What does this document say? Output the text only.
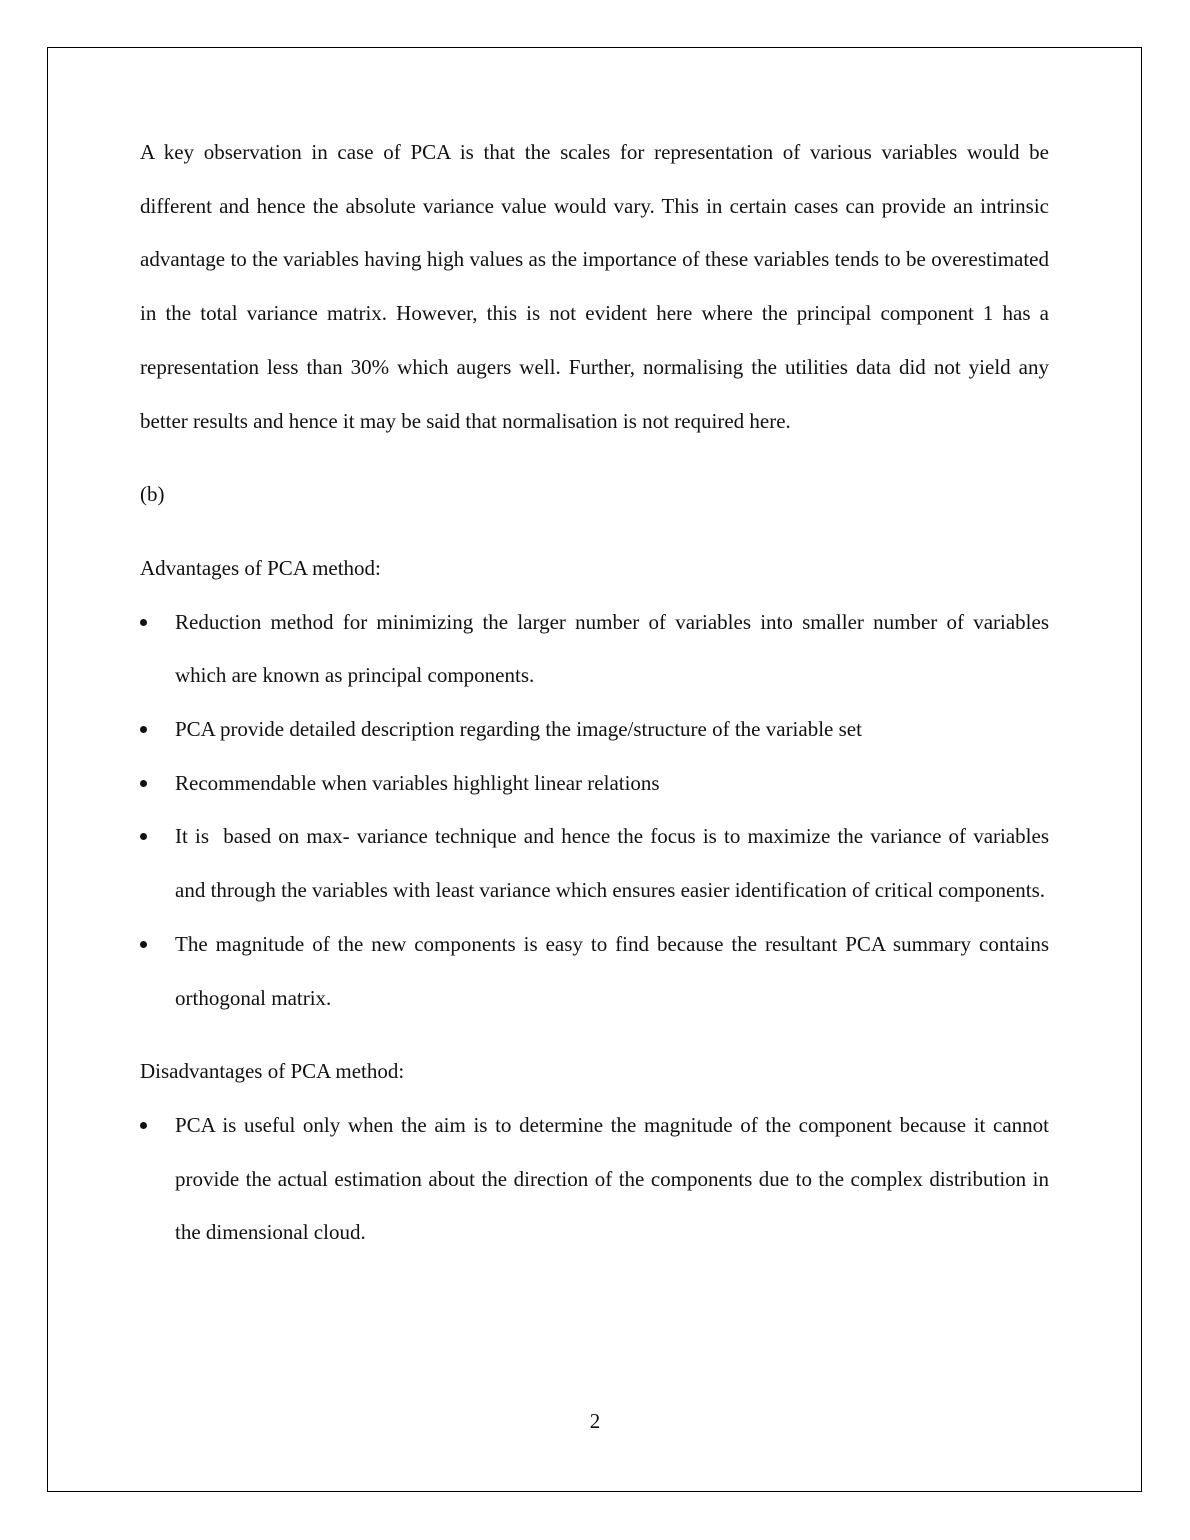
A key observation in case of PCA is that the scales for representation of various variables would be different and hence the absolute variance value would vary. This in certain cases can provide an intrinsic advantage to the variables having high values as the importance of these variables tends to be overestimated in the total variance matrix. However, this is not evident here where the principal component 1 has a representation less than 30% which augers well. Further, normalising the utilities data did not yield any better results and hence it may be said that normalisation is not required here.

(b)

Advantages of PCA method:

Reduction method for minimizing the larger number of variables into smaller number of variables which are known as principal components.
PCA provide detailed description regarding the image/structure of the variable set
Recommendable when variables highlight linear relations
It is  based on max- variance technique and hence the focus is to maximize the variance of variables and through the variables with least variance which ensures easier identification of critical components.
The magnitude of the new components is easy to find because the resultant PCA summary contains orthogonal matrix.

Disadvantages of PCA method:

PCA is useful only when the aim is to determine the magnitude of the component because it cannot provide the actual estimation about the direction of the components due to the complex distribution in the dimensional cloud.
2
